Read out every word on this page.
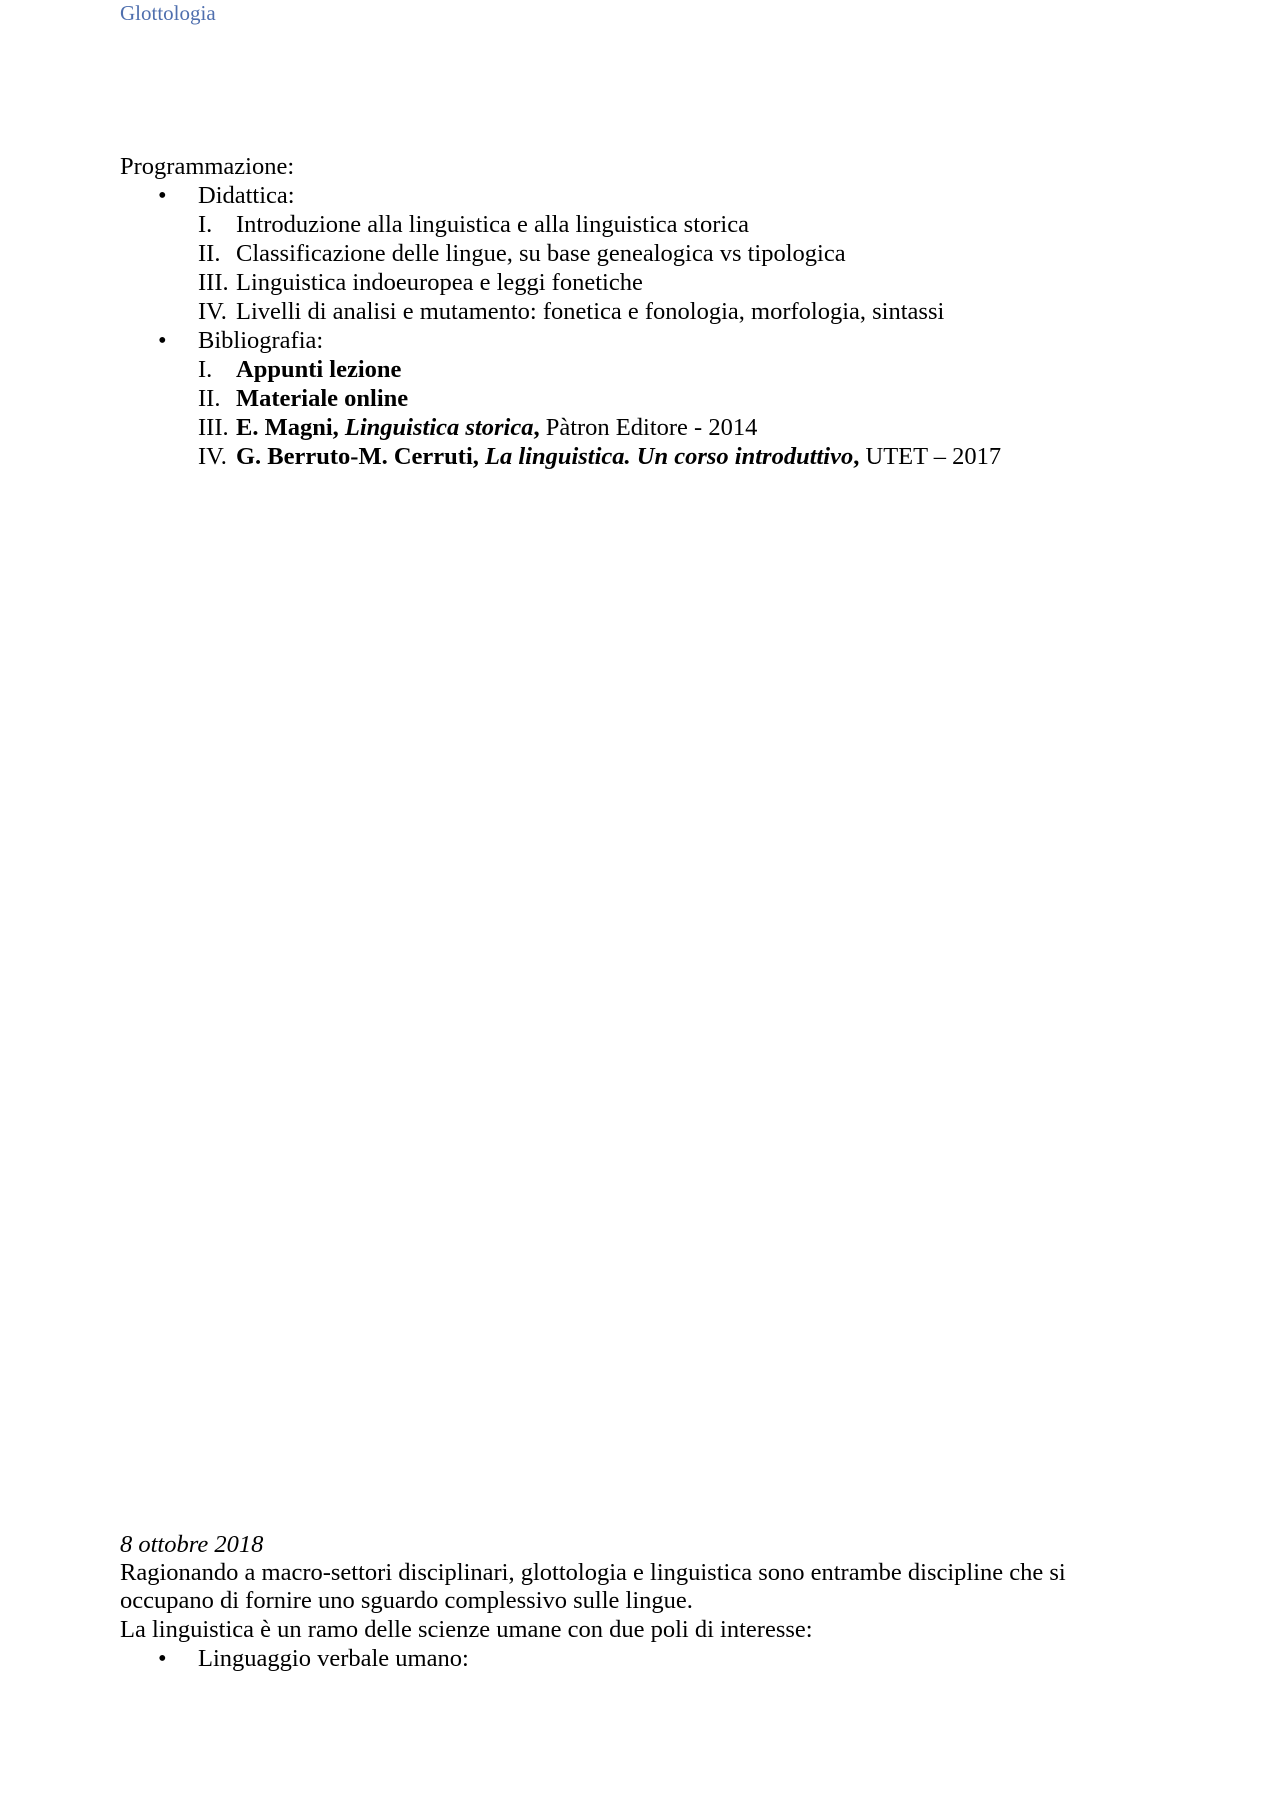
Glottologia
Programmazione:
• Didattica:
I. Introduzione alla linguistica e alla linguistica storica
II. Classificazione delle lingue, su base genealogica vs tipologica
III. Linguistica indoeuropea e leggi fonetiche
IV. Livelli di analisi e mutamento: fonetica e fonologia, morfologia, sintassi
• Bibliografia:
I. Appunti lezione
II. Materiale online
III. E. Magni, Linguistica storica, Pàtron Editore - 2014
IV. G. Berruto-M. Cerruti, La linguistica. Un corso introduttivo, UTET – 2017
8 ottobre 2018
Ragionando a macro-settori disciplinari, glottologia e linguistica sono entrambe discipline che si occupano di fornire uno sguardo complessivo sulle lingue.
La linguistica è un ramo delle scienze umane con due poli di interesse:
• Linguaggio verbale umano:
